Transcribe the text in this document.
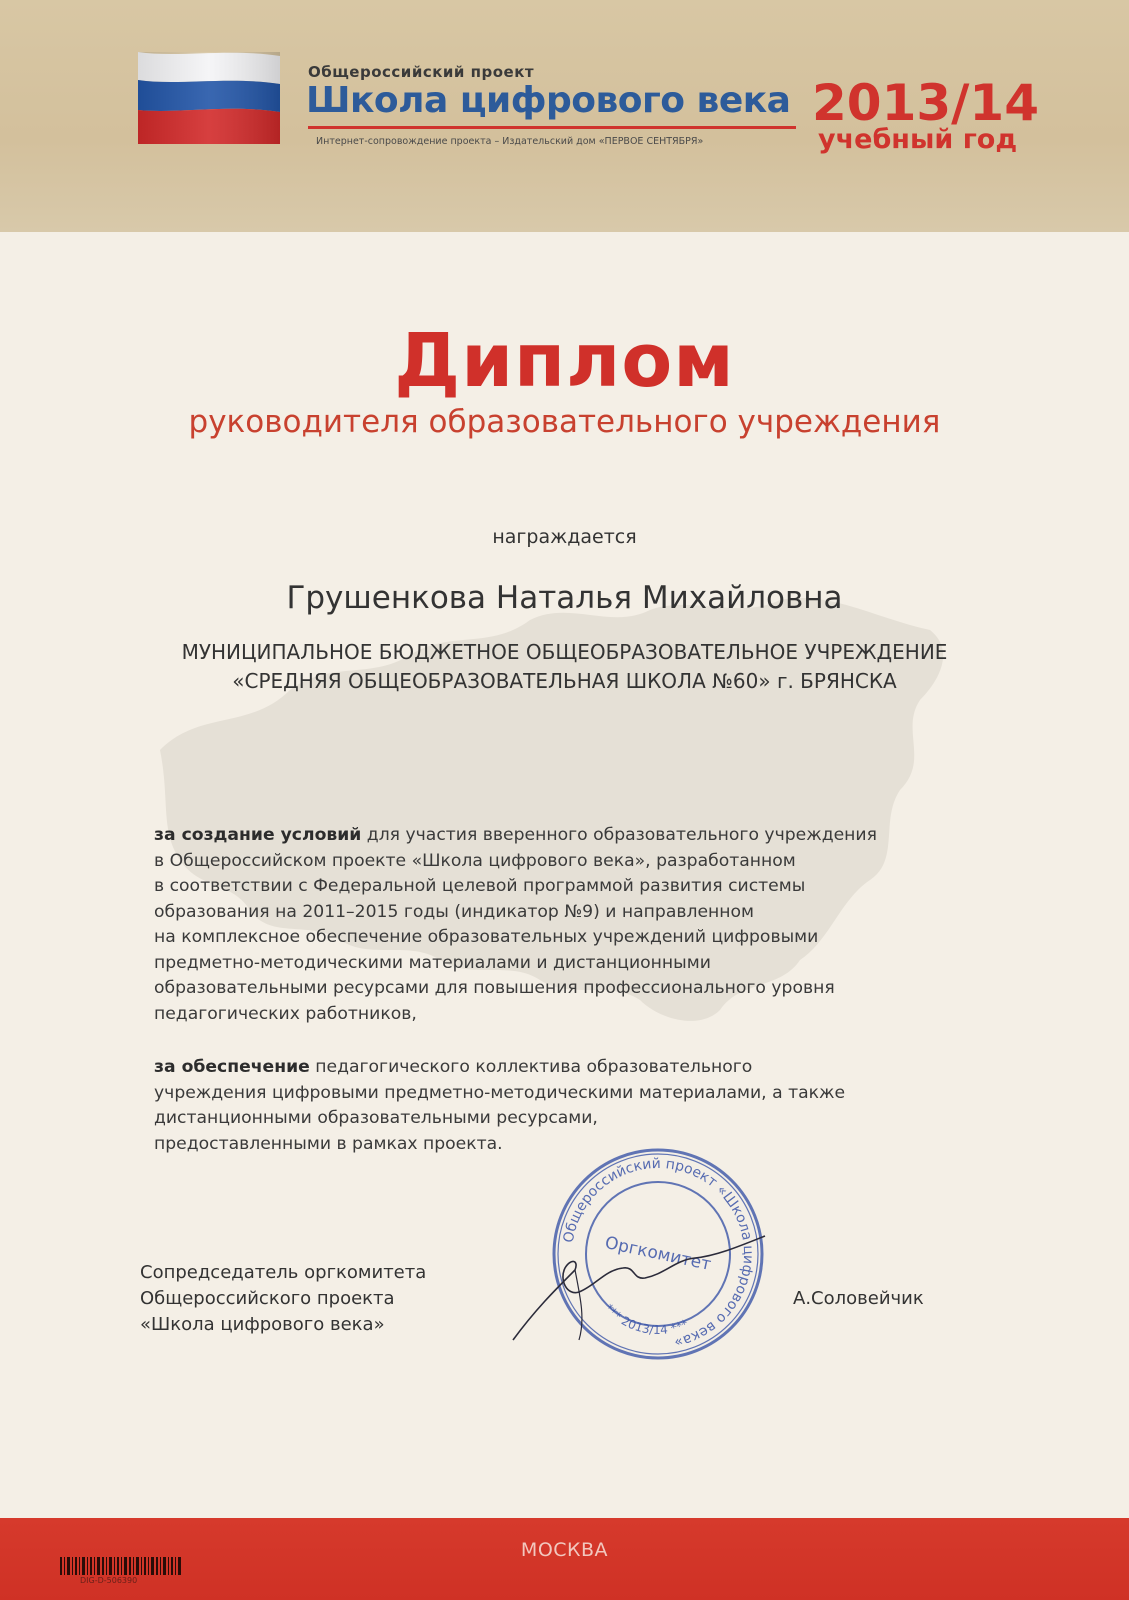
Общероссийский проект
Школа цифрового века
Интернет-сопровождение проекта – Издательский дом «ПЕРВОЕ СЕНТЯБРЯ»
2013/14
учебный год
Диплом
руководителя образовательного учреждения
награждается
Грушенкова Наталья Михайловна
МУНИЦИПАЛЬНОЕ БЮДЖЕТНОЕ ОБЩЕОБРАЗОВАТЕЛЬНОЕ УЧРЕЖДЕНИЕ
«СРЕДНЯЯ ОБЩЕОБРАЗОВАТЕЛЬНАЯ ШКОЛА №60» г. БРЯНСКА
за создание условий для участия вверенного образовательного учреждения
в Общероссийском проекте «Школа цифрового века», разработанном
в соответствии с Федеральной целевой программой развития системы
образования на 2011–2015 годы (индикатор №9) и направленном
на комплексное обеспечение образовательных учреждений цифровыми
предметно-методическими материалами и дистанционными
образовательными ресурсами для повышения профессионального уровня
педагогических работников,
за обеспечение педагогического коллектива образовательного
учреждения цифровыми предметно-методическими материалами, а также
дистанционными образовательными ресурсами,
предоставленными в рамках проекта.
Сопредседатель оргкомитета
Общероссийского проекта
«Школа цифрового века»
Общероссийский проект «Школа цифрового века»
Оргкомитет
*** 2013/14 ***
А.Соловейчик
МОСКВА
DIG-D-506390
